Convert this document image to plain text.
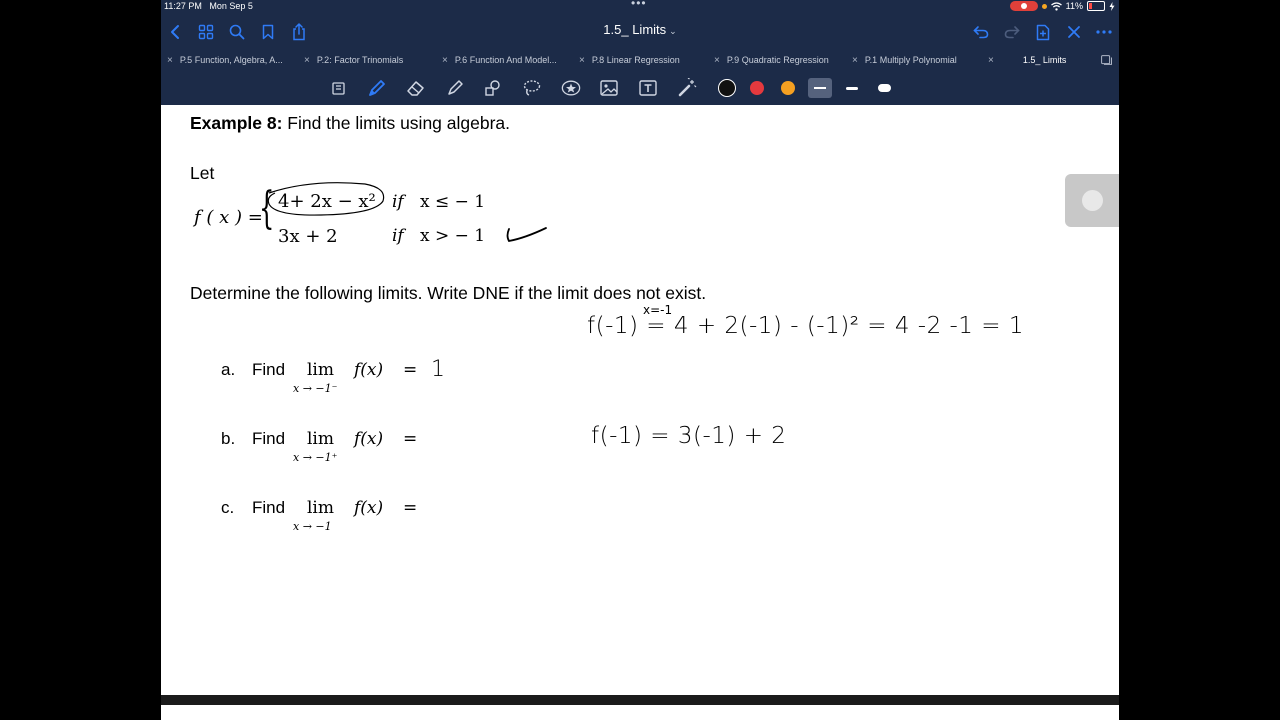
11:27 PM Mon Sep 5	•••	11%
1.5_ Limits ⌄
× P.5 Function, Algebra, A... × P.2: Factor Trinomials	× P.6 Function And Model... × P.8 Linear Regression	× P.9 Quadratic Regression × P.1 Multiply Polynomial	×	1.5_ Limits
Example 8: Find the limits using algebra.
Let
f ( x ) =
{ 4+ 2x − x² if x ≤ − 1
3x + 2	if x > − 1
Determine the following limits. Write DNE if the limit does not exist.
a. Find lim
x → −1⁻
f(x) =
b. Find lim
x → −1⁺
f(x) =
c. Find lim
x → −1
f(x) =
x=-1
f(-1) = 4 + 2(-1) - (-1)² = 4 -2 -1 = 1
1
f(-1) = 3(-1) + 2
